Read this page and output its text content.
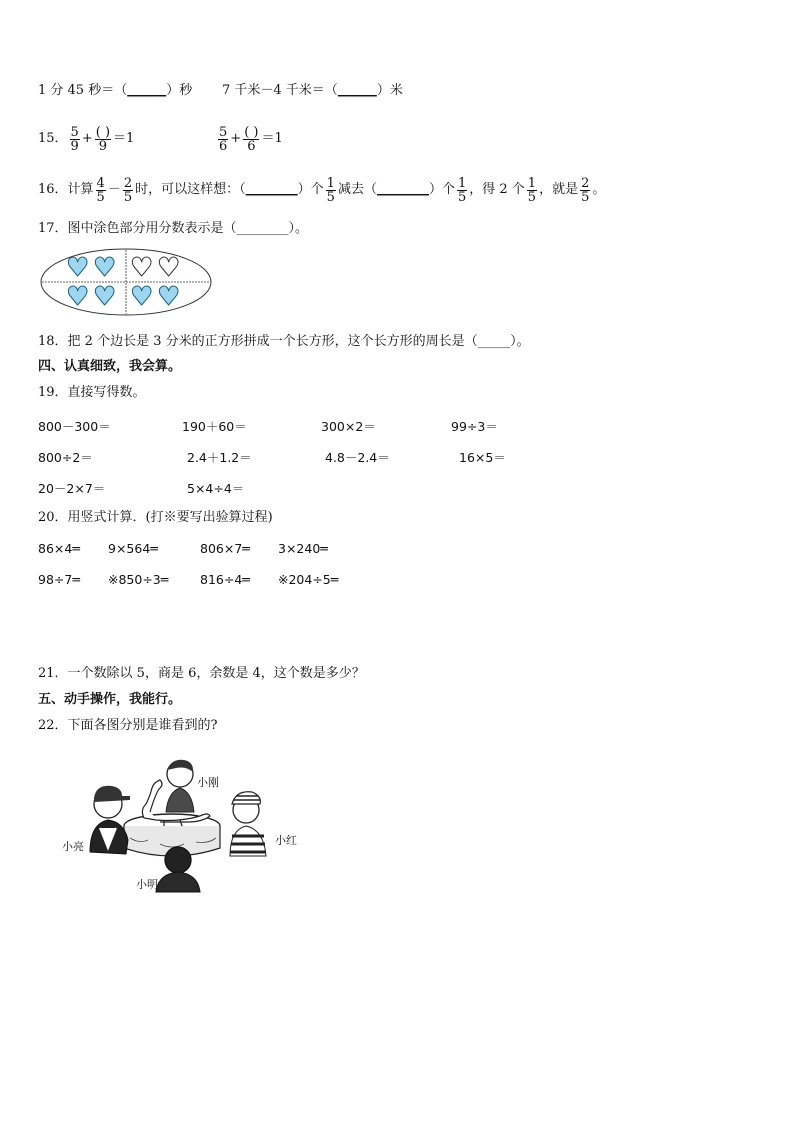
1 分 45 秒＝（______）秒 7 千米－4 千米＝（______）米
15． $\frac{5}{9} + \frac{( )}{9} =1$	$\frac{5}{6} + \frac{( )}{6} =1$
16．计算 $\frac{4}{5} - \frac{2}{5}$ 时，可以这样想：（ ________ ）个 $\frac{1}{5}$ 减去（ ________ ）个 $\frac{1}{5}$ ，得 2 个 $\frac{1}{5}$ ，就是 $\frac{2}{5}$ 。
17．图中涂色部分用分数表示是（________）。
♥ ♥ ♥ ♥
♥ ♥ ♥ ♥
18．把 2 个边长是 3 分米的正方形拼成一个长方形，这个长方形的周长是（_____）。
四、认真细致，我会算。
19．直接写得数。
800－300＝	190＋60＝	300×2＝	99÷3＝
800÷2＝	2.4＋1.2＝	4.8－2.4＝	16×5＝
20－2×7＝	5×4÷4＝
20．用竖式计算．(打※要写出验算过程)
86×4═ 9×564═	806×7═ 3×240═
98÷7═ ※850÷3═	816÷4═ ※204÷5═
21．一个数除以 5，商是 6，余数是 4，这个数是多少？
五、动手操作，我能行。
22．下面各图分别是谁看到的?
小刚
小亮	小红
小明
